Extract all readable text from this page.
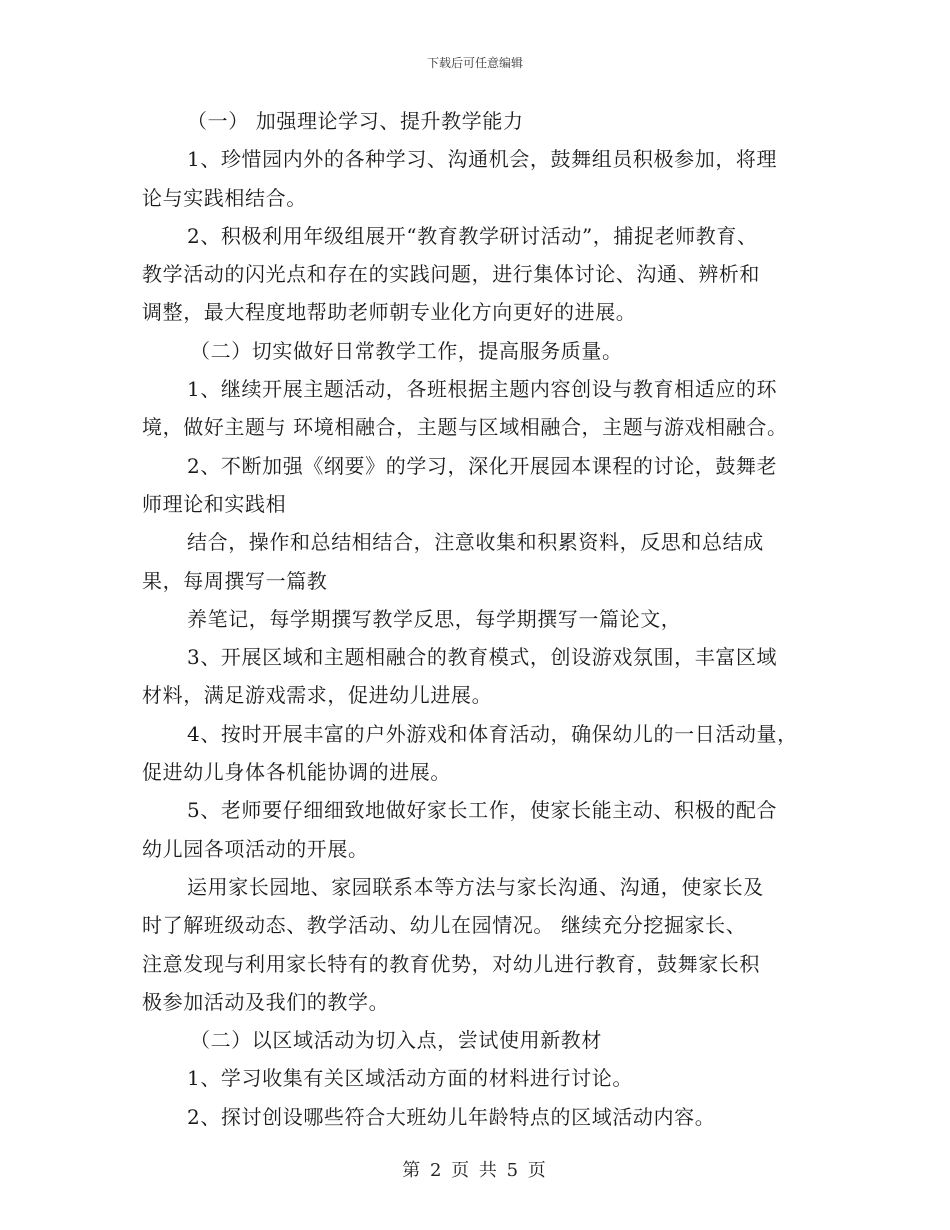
下载后可任意编辑
（一） 加强理论学习、提升教学能力
1、珍惜园内外的各种学习、沟通机会，鼓舞组员积极参加，将理
论与实践相结合。
2、积极利用年级组展开“教育教学研讨活动”，捕捉老师教育、
教学活动的闪光点和存在的实践问题，进行集体讨论、沟通、辨析和
调整，最大程度地帮助老师朝专业化方向更好的进展。
（二）切实做好日常教学工作，提高服务质量。
1、继续开展主题活动，各班根据主题内容创设与教育相适应的环
境，做好主题与 环境相融合，主题与区域相融合，主题与游戏相融合。
2、不断加强《纲要》的学习，深化开展园本课程的讨论，鼓舞老
师理论和实践相
结合，操作和总结相结合，注意收集和积累资料，反思和总结成
果，每周撰写一篇教
养笔记，每学期撰写教学反思，每学期撰写一篇论文，
3、开展区域和主题相融合的教育模式，创设游戏氛围，丰富区域
材料，满足游戏需求，促进幼儿进展。
4、按时开展丰富的户外游戏和体育活动，确保幼儿的一日活动量，
促进幼儿身体各机能协调的进展。
5、老师要仔细细致地做好家长工作，使家长能主动、积极的配合
幼儿园各项活动的开展。
运用家长园地、家园联系本等方法与家长沟通、沟通，使家长及
时了解班级动态、教学活动、幼儿在园情况。 继续充分挖掘家长、
注意发现与利用家长特有的教育优势，对幼儿进行教育，鼓舞家长积
极参加活动及我们的教学。
（二）以区域活动为切入点，尝试使用新教材
1、学习收集有关区域活动方面的材料进行讨论。
2、探讨创设哪些符合大班幼儿年龄特点的区域活动内容。
第 2 页 共 5 页
